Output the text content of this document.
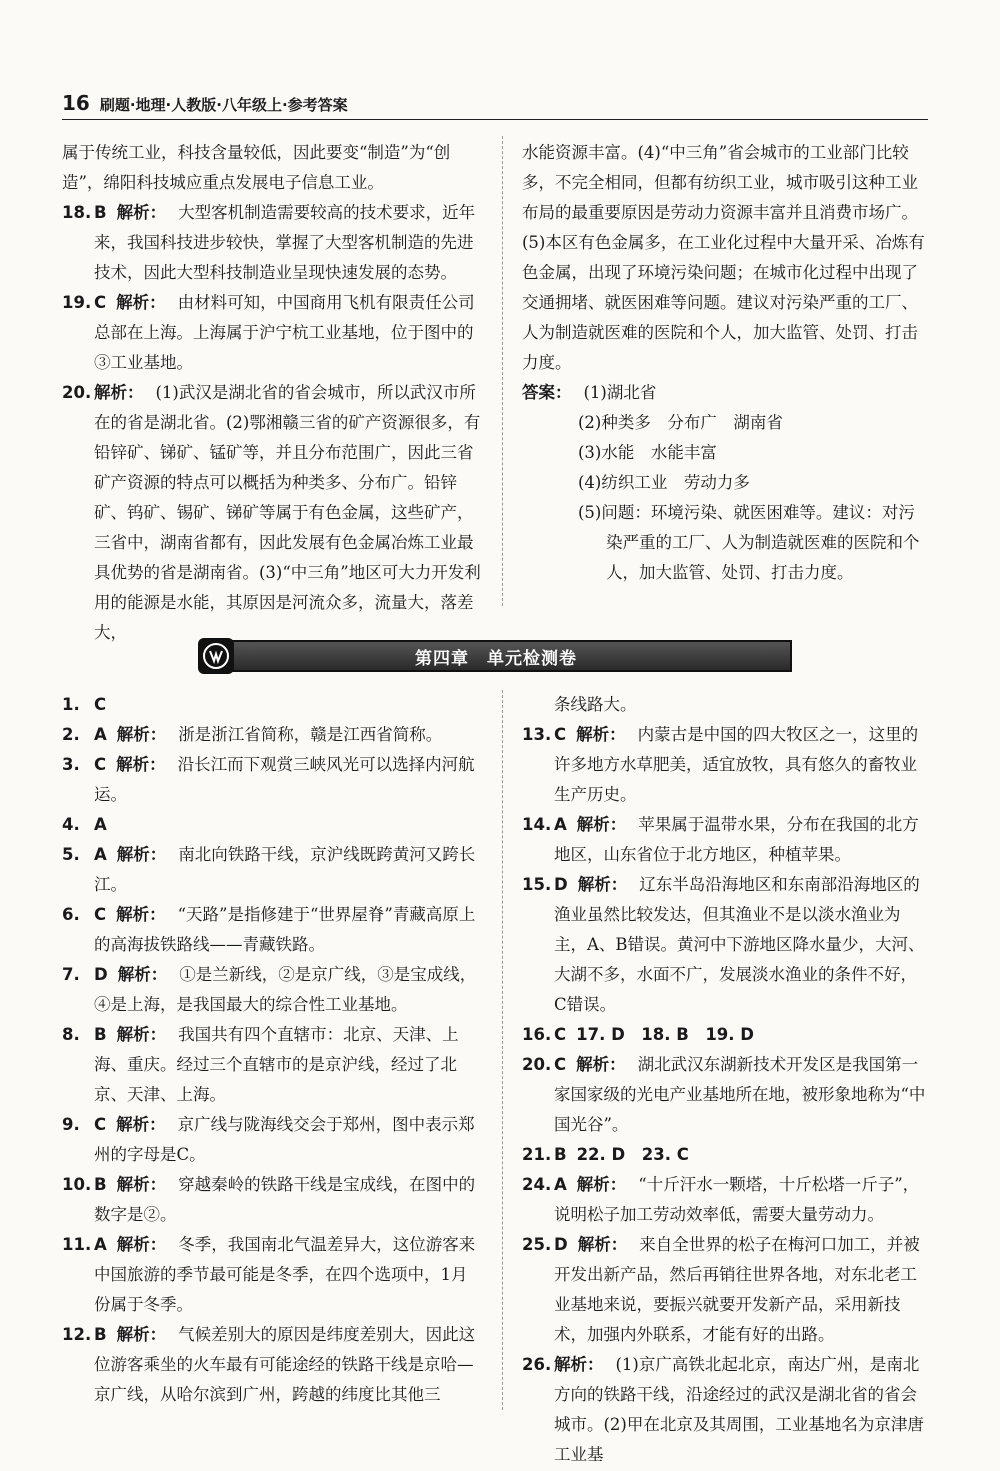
16 刷题·地理·人教版·八年级上·参考答案

属于传统工业，科技含量较低，因此要变“制造”为“创造”，绵阳科技城应重点发展电子信息工业。

18. B 解析： 大型客机制造需要较高的技术要求，近年来，我国科技进步较快，掌握了大型客机制造的先进技术，因此大型科技制造业呈现快速发展的态势。

19. C 解析： 由材料可知，中国商用飞机有限责任公司总部在上海。上海属于沪宁杭工业基地，位于图中的③工业基地。

20. 解析： (1)武汉是湖北省的省会城市，所以武汉市所在的省是湖北省。(2)鄂湘赣三省的矿产资源很多，有铅锌矿、锑矿、锰矿等，并且分布范围广，因此三省矿产资源的特点可以概括为种类多、分布广。铅锌矿、钨矿、锡矿、锑矿等属于有色金属，这些矿产，三省中，湖南省都有，因此发展有色金属冶炼工业最具优势的省是湖南省。(3)“中三角”地区可大力开发利用的能源是水能，其原因是河流众多，流量大，落差大，

水能资源丰富。(4)“中三角”省会城市的工业部门比较多，不完全相同，但都有纺织工业，城市吸引这种工业布局的最重要原因是劳动力资源丰富并且消费市场广。(5)本区有色金属多，在工业化过程中大量开采、冶炼有色金属，出现了环境污染问题；在城市化过程中出现了交通拥堵、就医困难等问题。建议对污染严重的工厂、人为制造就医难的医院和个人，加大监管、处罚、打击力度。

答案： (1)湖北省

(2)种类多　分布广　湖南省

(3)水能　水能丰富

(4)纺织工业　劳动力多

(5)问题：环境污染、就医困难等。建议：对污染严重的工厂、人为制造就医难的医院和个人，加大监管、处罚、打击力度。

第四章　单元检测卷

1. C

2. A 解析： 浙是浙江省简称，赣是江西省简称。

3. C 解析： 沿长江而下观赏三峡风光可以选择内河航运。

4. A

5. A 解析： 南北向铁路干线，京沪线既跨黄河又跨长江。

6. C 解析： “天路”是指修建于“世界屋脊”青藏高原上的高海拔铁路线——青藏铁路。

7. D 解析： ①是兰新线，②是京广线，③是宝成线，④是上海，是我国最大的综合性工业基地。

8. B 解析： 我国共有四个直辖市：北京、天津、上海、重庆。经过三个直辖市的是京沪线，经过了北京、天津、上海。

9. C 解析： 京广线与陇海线交会于郑州，图中表示郑州的字母是C。

10. B 解析： 穿越秦岭的铁路干线是宝成线，在图中的数字是②。

11. A 解析： 冬季，我国南北气温差异大，这位游客来中国旅游的季节最可能是冬季，在四个选项中，1月份属于冬季。

12. B 解析： 气候差别大的原因是纬度差别大，因此这位游客乘坐的火车最有可能途经的铁路干线是京哈—京广线，从哈尔滨到广州，跨越的纬度比其他三

条线路大。

13. C 解析： 内蒙古是中国的四大牧区之一，这里的许多地方水草肥美，适宜放牧，具有悠久的畜牧业生产历史。

14. A 解析： 苹果属于温带水果，分布在我国的北方地区，山东省位于北方地区，种植苹果。

15. D 解析： 辽东半岛沿海地区和东南部沿海地区的渔业虽然比较发达，但其渔业不是以淡水渔业为主，A、B错误。黄河中下游地区降水量少，大河、大湖不多，水面不广，发展淡水渔业的条件不好，C错误。

16. C 17. D　18. B　19. D

20. C 解析： 湖北武汉东湖新技术开发区是我国第一家国家级的光电产业基地所在地，被形象地称为“中国光谷”。

21. B 22. D　23. C

24. A 解析： “十斤汗水一颗塔，十斤松塔一斤子”，说明松子加工劳动效率低，需要大量劳动力。

25. D 解析： 来自全世界的松子在梅河口加工，并被开发出新产品，然后再销往世界各地，对东北老工业基地来说，要振兴就要开发新产品，采用新技术，加强内外联系，才能有好的出路。

26. 解析： (1)京广高铁北起北京，南达广州，是南北方向的铁路干线，沿途经过的武汉是湖北省的省会城市。(2)甲在北京及其周围，工业基地名为京津唐工业基
